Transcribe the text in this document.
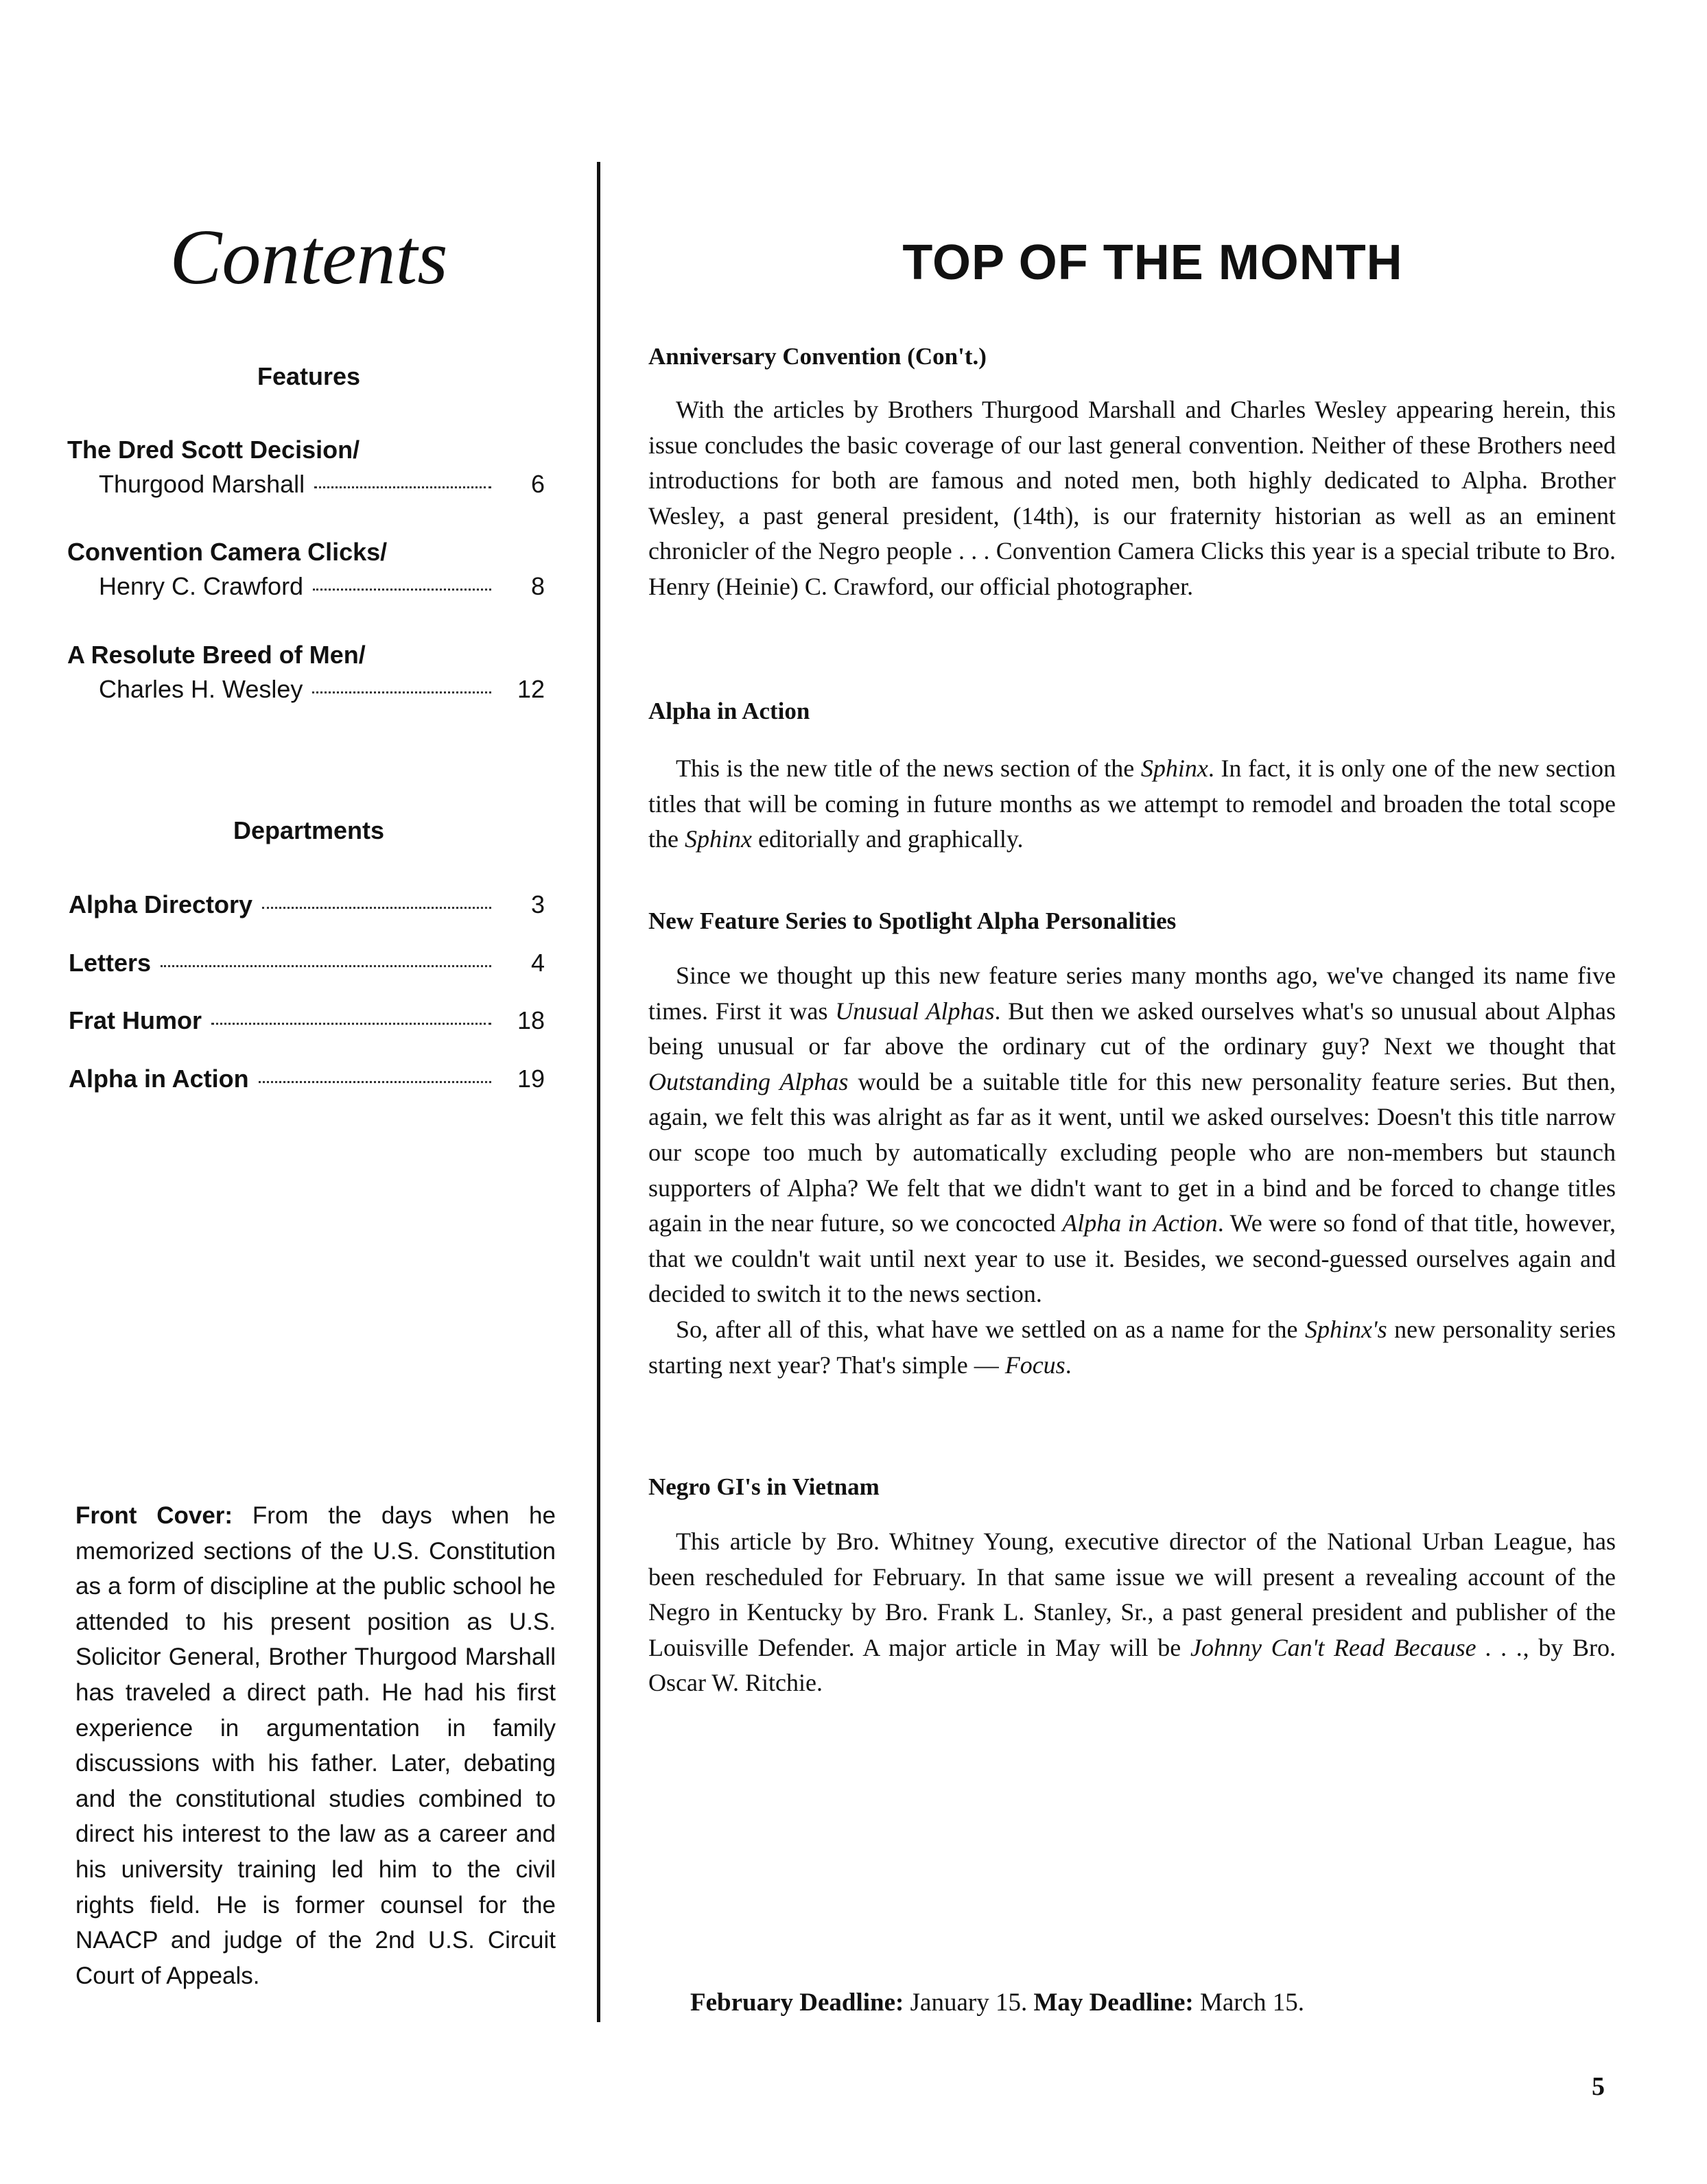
Contents
Features
The Dred Scott Decision/
Thurgood Marshall	6
Convention Camera Clicks/
Henry C. Crawford	8
A Resolute Breed of Men/
Charles H. Wesley	12
Departments
Alpha Directory	3
Letters	4
Frat Humor	18
Alpha in Action	19

Front Cover: From the days when he memorized sections of the U.S. Constitution as a form of discipline at the public school he attended to his present position as U.S. Solicitor General, Brother Thurgood Marshall has traveled a direct path. He had his first experience in argumentation in family discussions with his father. Later, debating and the constitutional studies combined to direct his interest to the law as a career and his university training led him to the civil rights field. He is former counsel for the NAACP and judge of the 2nd U.S. Circuit Court of Appeals.

TOP OF THE MONTH
Anniversary Convention (Con't.)

With the articles by Brothers Thurgood Marshall and Charles Wesley appearing herein, this issue concludes the basic coverage of our last general convention. Neither of these Brothers need introductions for both are famous and noted men, both highly dedicated to Alpha. Brother Wesley, a past general president, (14th), is our fraternity historian as well as an eminent chronicler of the Negro people . . . Convention Camera Clicks this year is a special tribute to Bro. Henry (Heinie) C. Crawford, our official photographer.

Alpha in Action

This is the new title of the news section of the Sphinx. In fact, it is only one of the new section titles that will be coming in future months as we attempt to remodel and broaden the total scope the Sphinx editorially and graphically.

New Feature Series to Spotlight Alpha Personalities

Since we thought up this new feature series many months ago, we've changed its name five times. First it was Unusual Alphas. But then we asked ourselves what's so unusual about Alphas being unusual or far above the ordinary cut of the ordinary guy? Next we thought that Outstanding Alphas would be a suitable title for this new personality feature series. But then, again, we felt this was alright as far as it went, until we asked ourselves: Doesn't this title narrow our scope too much by automatically excluding people who are non-members but staunch supporters of Alpha? We felt that we didn't want to get in a bind and be forced to change titles again in the near future, so we concocted Alpha in Action. We were so fond of that title, however, that we couldn't wait until next year to use it. Besides, we second-guessed ourselves again and decided to switch it to the news section.

So, after all of this, what have we settled on as a name for the Sphinx's new personality series starting next year? That's simple — Focus.

Negro GI's in Vietnam

This article by Bro. Whitney Young, executive director of the National Urban League, has been rescheduled for February. In that same issue we will present a revealing account of the Negro in Kentucky by Bro. Frank L. Stanley, Sr., a past general president and publisher of the Louisville Defender. A major article in May will be Johnny Can't Read Because . . ., by Bro. Oscar W. Ritchie.

February Deadline: January 15. May Deadline: March 15.
5
